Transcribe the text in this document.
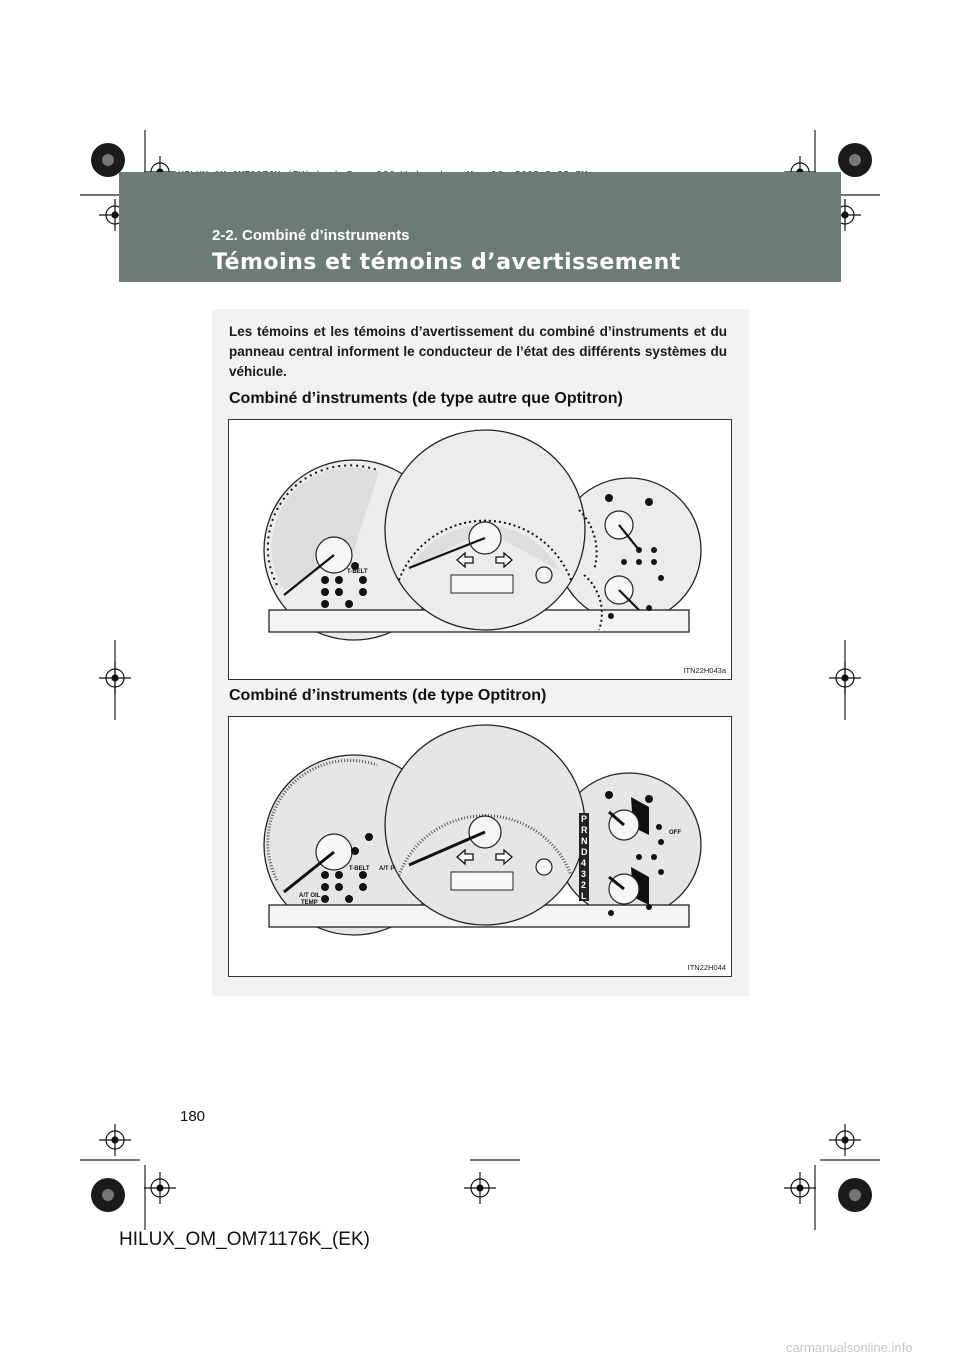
2-2. Combiné d’instruments
Témoins et témoins d’avertissement

Les témoins et les témoins d’avertissement du combiné d’instruments et du panneau central informent le conducteur de l’état des différents systèmes du véhicule.

Combiné d’instruments (de type autre que Optitron)
T-BELT
ITN22H043a
Combiné d’instruments (de type Optitron)
P
R
N
D
4
3
2
L
T-BELT A/T P
A/T OIL
TEMP
OFF
ITN22H044
180
HILUX_OM_OM71176K_(EK)
carmanualsonline.info
